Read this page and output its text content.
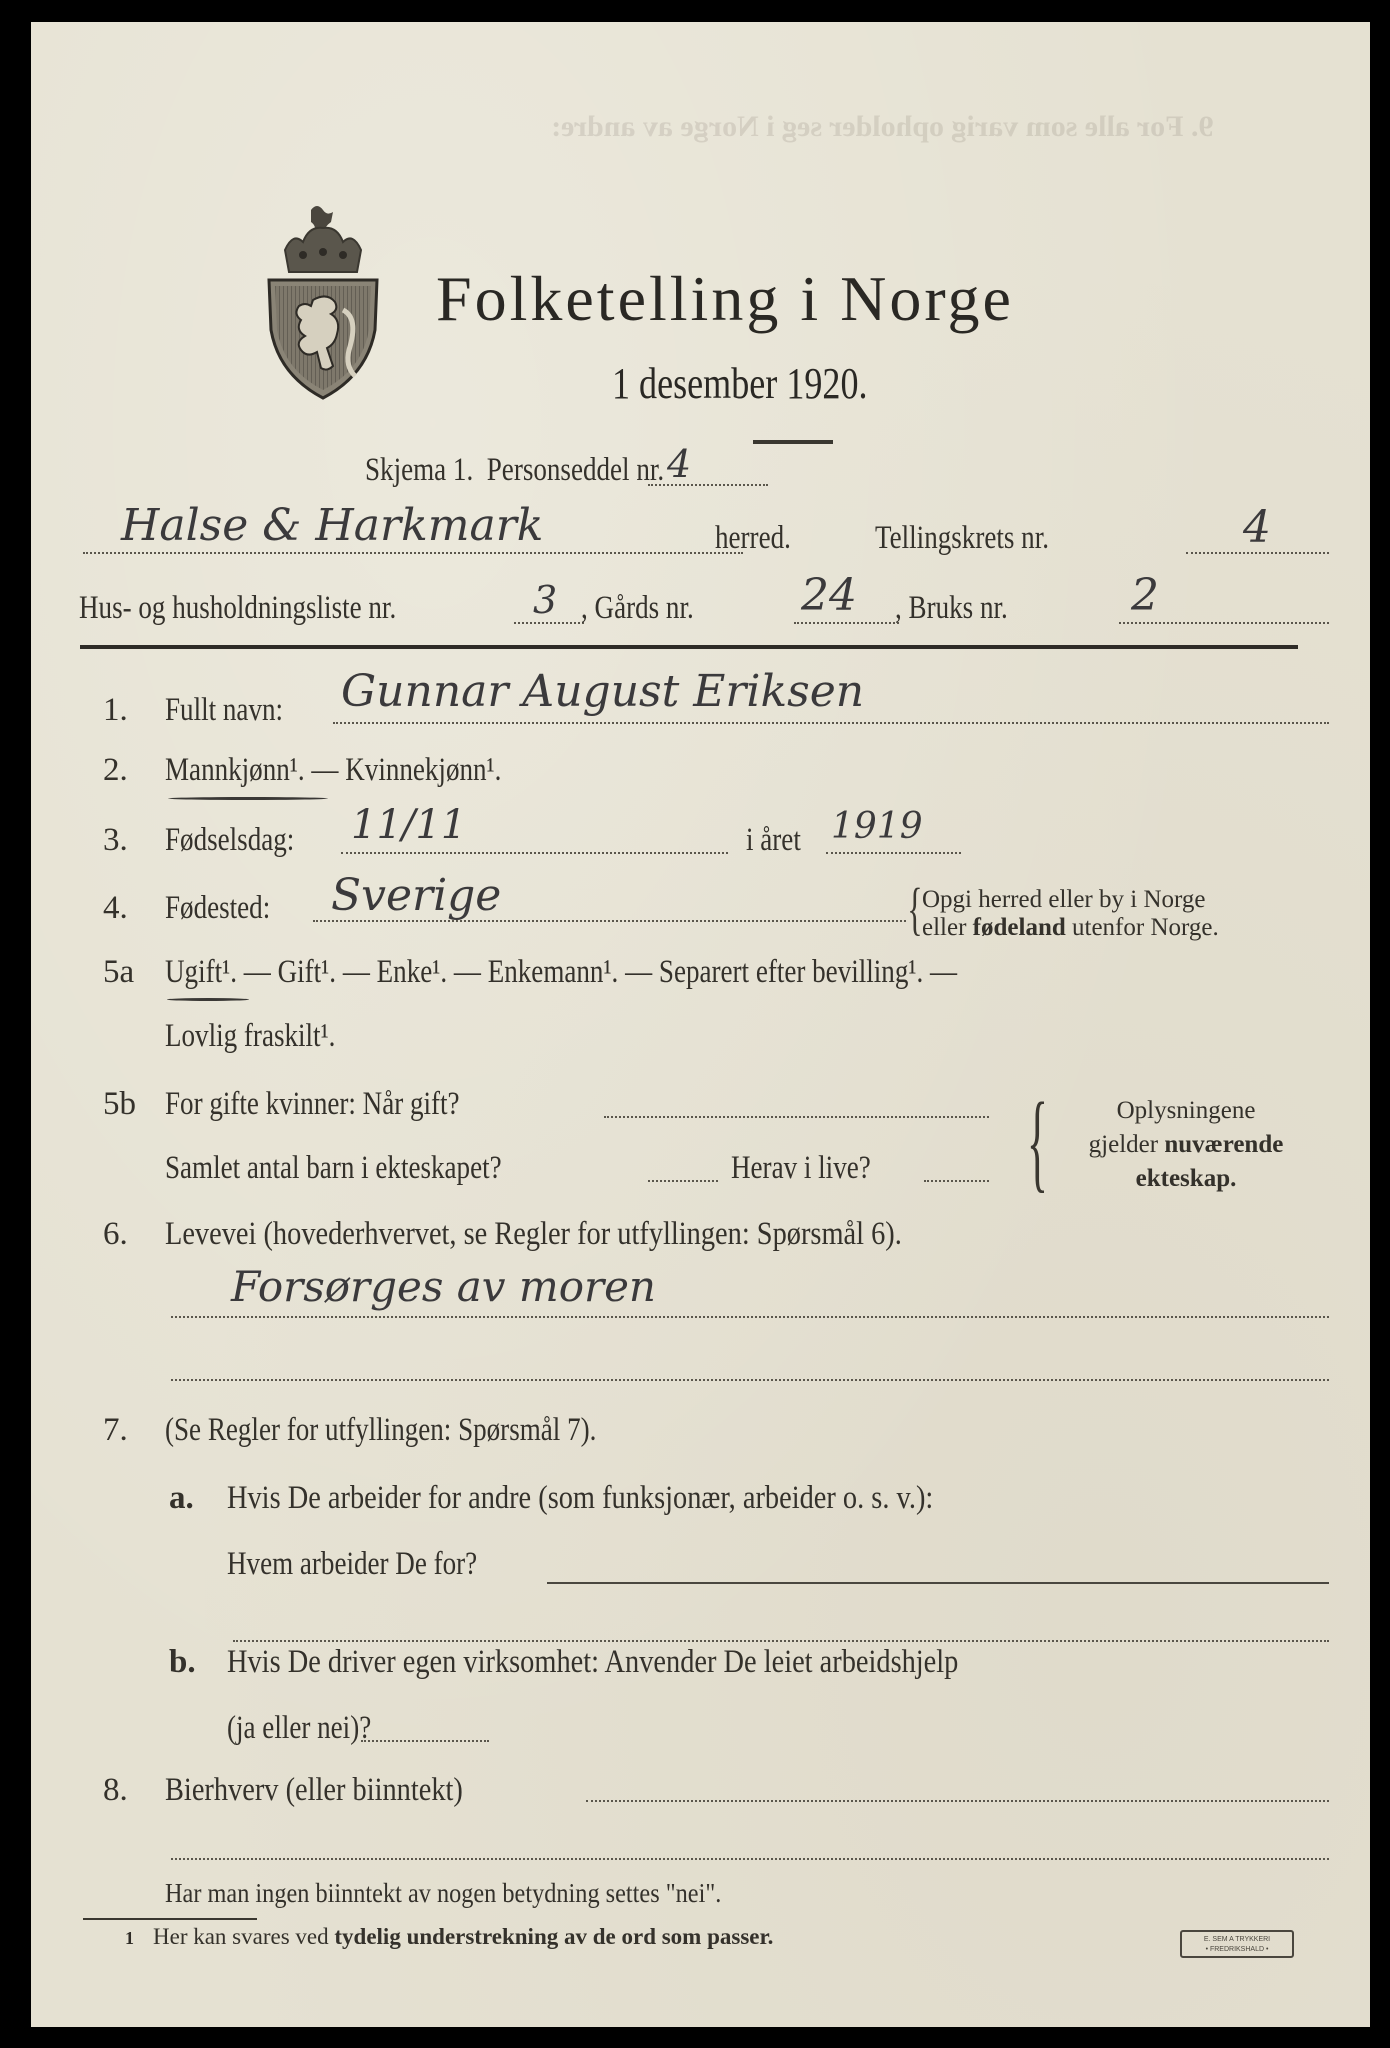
9. For alle som varig opholder seg i Norge av andre:
Folketelling i Norge
1 desember 1920.
Skjema 1. Personseddel nr. 4
Halse & Harkmark	herred.	Tellingskrets nr.	4
Hus- og husholdningsliste nr.	3 , Gårds nr.	24 , Bruks nr.	2
1. Fullt navn:	Gunnar August Eriksen
2. Mannkjønn¹. — Kvinnekjønn¹.
3. Fødselsdag:	11/11	i året 1919
4. Fødested:	Sverige	{ Opgi herred eller by i Norge
eller fødeland utenfor Norge.
5a Ugift¹. — Gift¹. — Enke¹. — Enkemann¹. — Separert efter bevilling¹. —
Lovlig fraskilt¹.
5b For gifte kvinner: Når gift?
Samlet antal barn i ekteskapet?	Herav i live? {	Oplysningene
gjelder nuværende
ekteskap.
6. Levevei (hovederhvervet, se Regler for utfyllingen: Spørsmål 6).
Forsørges av moren
7. (Se Regler for utfyllingen: Spørsmål 7).
a. Hvis De arbeider for andre (som funksjonær, arbeider o. s. v.):
Hvem arbeider De for?
b. Hvis De driver egen virksomhet: Anvender De leiet arbeidshjelp
(ja eller nei)?
8. Bierhverv (eller biinntekt)
Har man ingen biinntekt av nogen betydning settes "nei".
1 Her kan svares ved tydelig understrekning av de ord som passer.	E. SEM A TRYKKERI
• FREDRIKSHALD •
